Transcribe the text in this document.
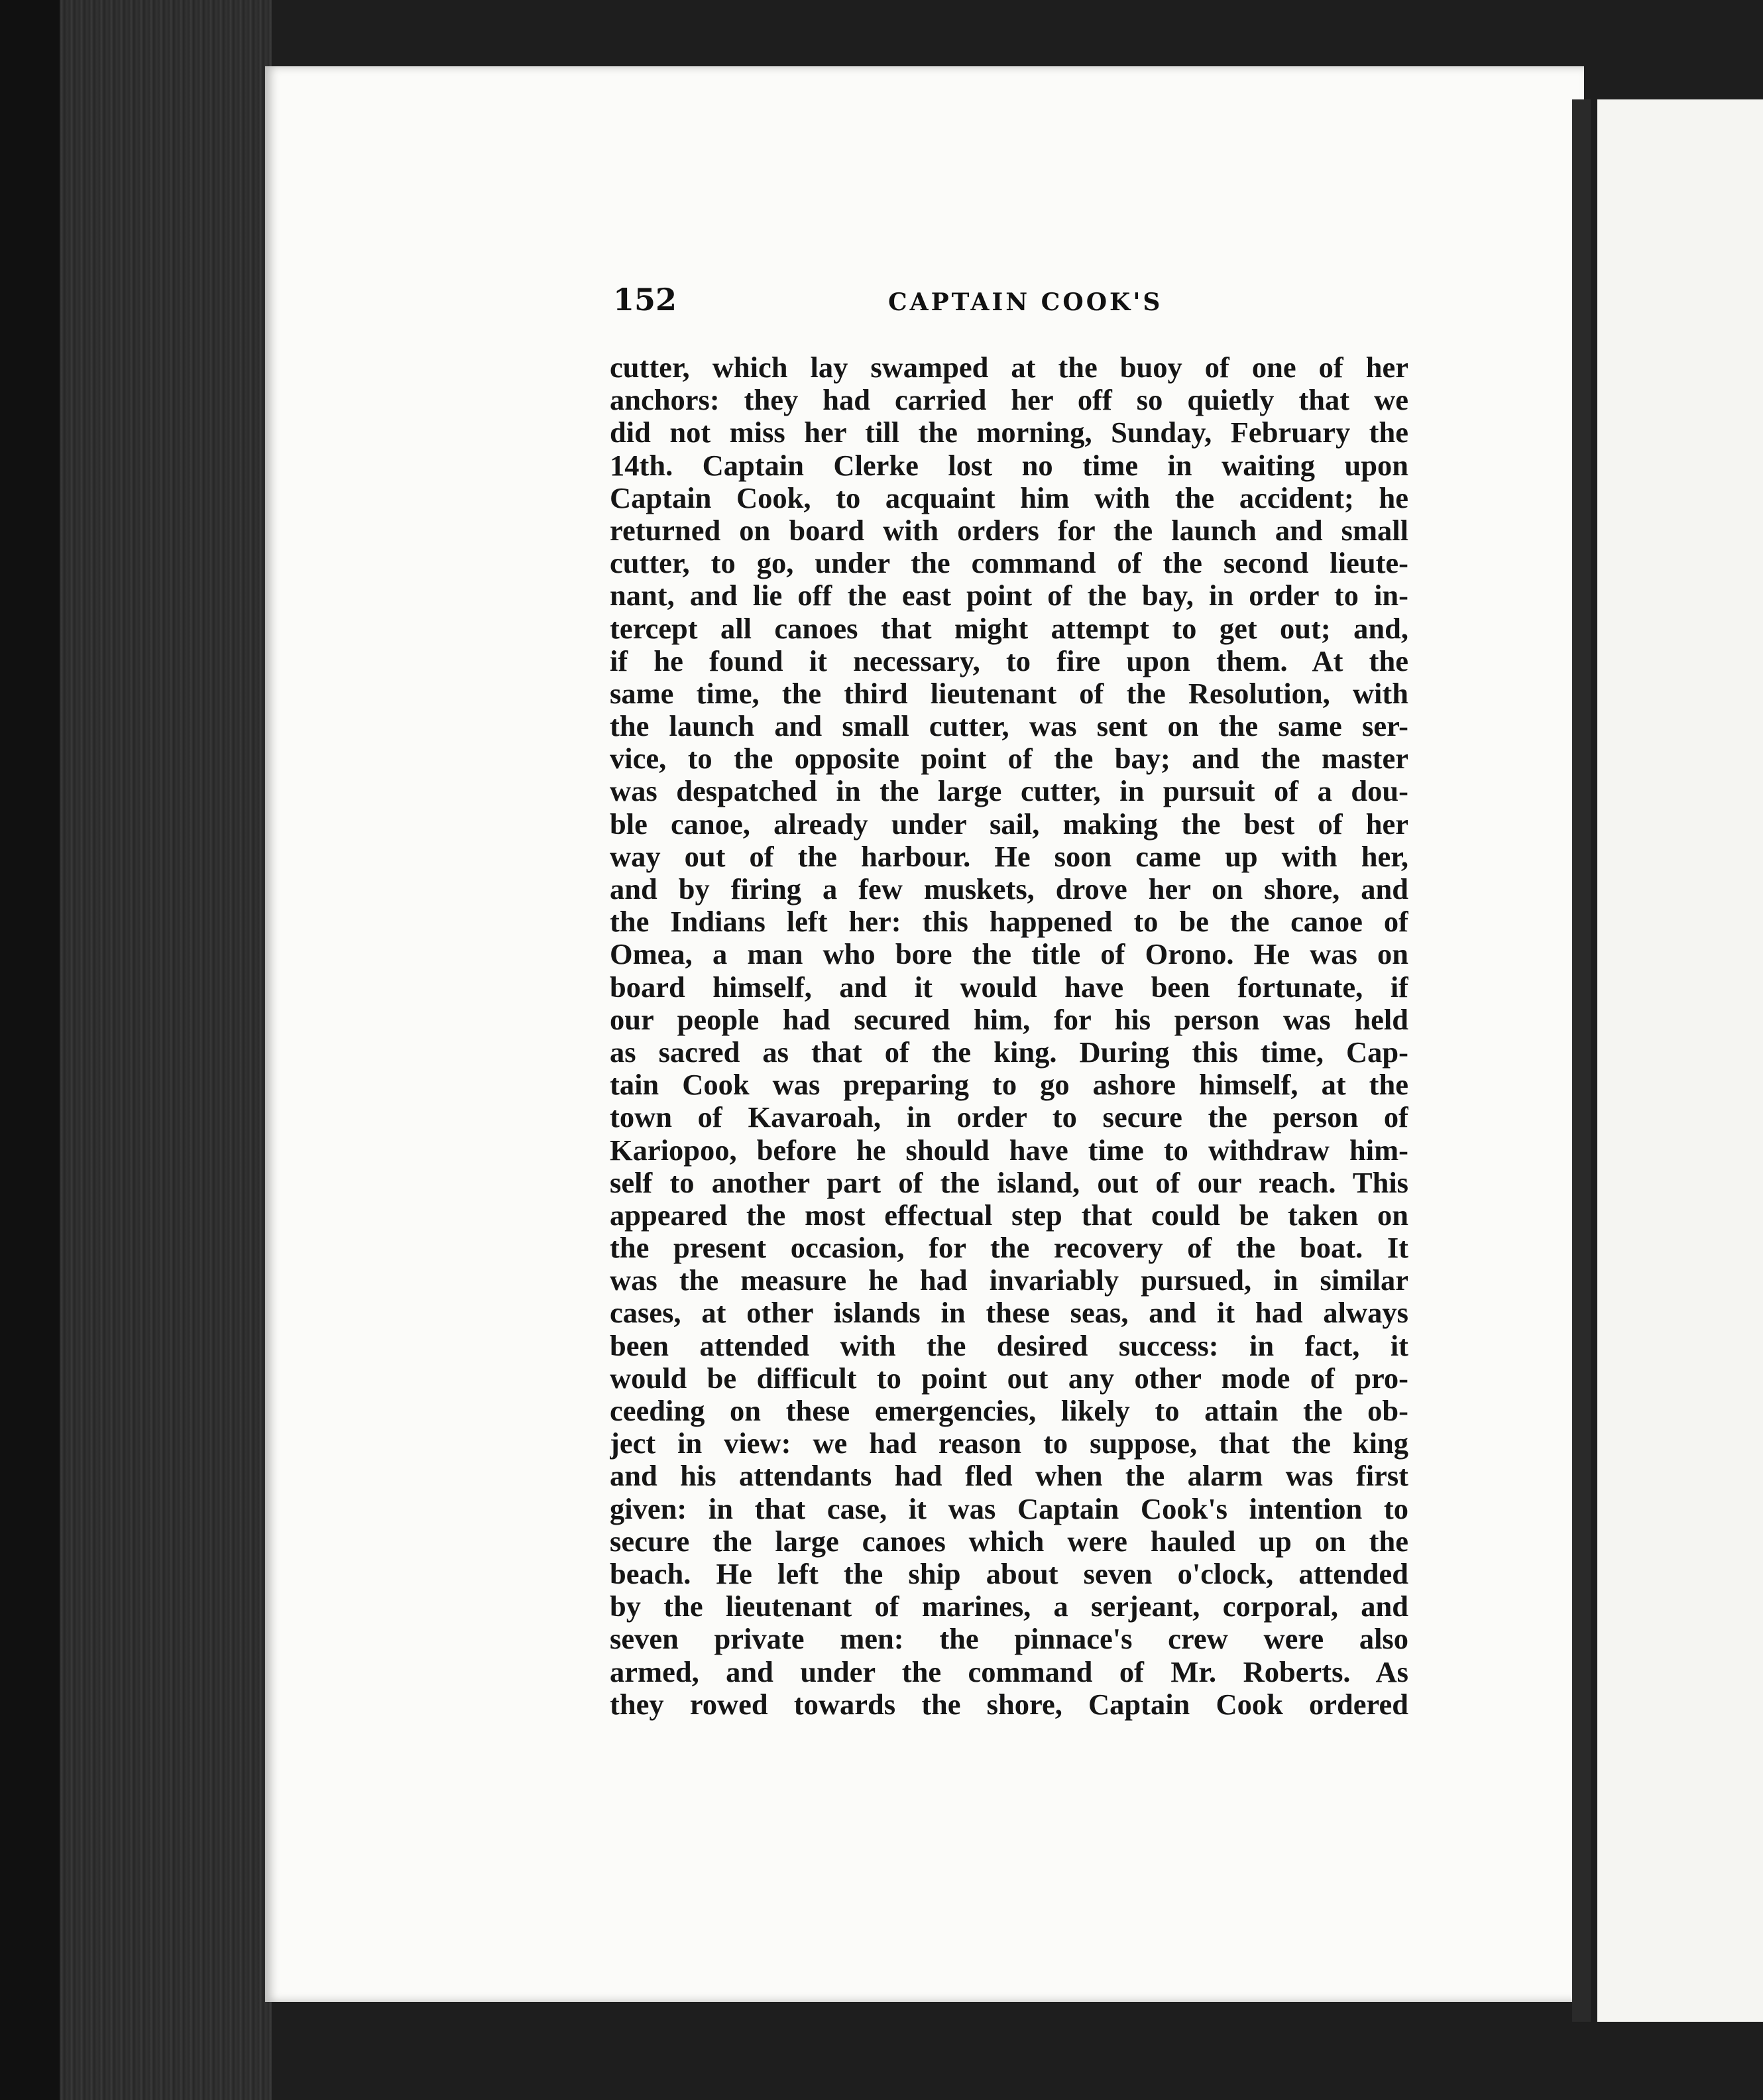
152	CAPTAIN COOK'S
cutter, which lay swamped at the buoy of one of her
anchors: they had carried her off so quietly that we
did not miss her till the morning, Sunday, February the
14th. Captain Clerke lost no time in waiting upon
Captain Cook, to acquaint him with the accident; he
returned on board with orders for the launch and small
cutter, to go, under the command of the second lieute-
nant, and lie off the east point of the bay, in order to in-
tercept all canoes that might attempt to get out; and,
if he found it necessary, to fire upon them. At the
same time, the third lieutenant of the Resolution, with
the launch and small cutter, was sent on the same ser-
vice, to the opposite point of the bay; and the master
was despatched in the large cutter, in pursuit of a dou-
ble canoe, already under sail, making the best of her
way out of the harbour. He soon came up with her,
and by firing a few muskets, drove her on shore, and
the Indians left her: this happened to be the canoe of
Omea, a man who bore the title of Orono. He was on
board himself, and it would have been fortunate, if
our people had secured him, for his person was held
as sacred as that of the king. During this time, Cap-
tain Cook was preparing to go ashore himself, at the
town of Kavaroah, in order to secure the person of
Kariopoo, before he should have time to withdraw him-
self to another part of the island, out of our reach. This
appeared the most effectual step that could be taken on
the present occasion, for the recovery of the boat. It
was the measure he had invariably pursued, in similar
cases, at other islands in these seas, and it had always
been attended with the desired success: in fact, it
would be difficult to point out any other mode of pro-
ceeding on these emergencies, likely to attain the ob-
ject in view: we had reason to suppose, that the king
and his attendants had fled when the alarm was first
given: in that case, it was Captain Cook's intention to
secure the large canoes which were hauled up on the
beach. He left the ship about seven o'clock, attended
by the lieutenant of marines, a serjeant, corporal, and
seven private men: the pinnace's crew were also
armed, and under the command of Mr. Roberts. As
they rowed towards the shore, Captain Cook ordered
